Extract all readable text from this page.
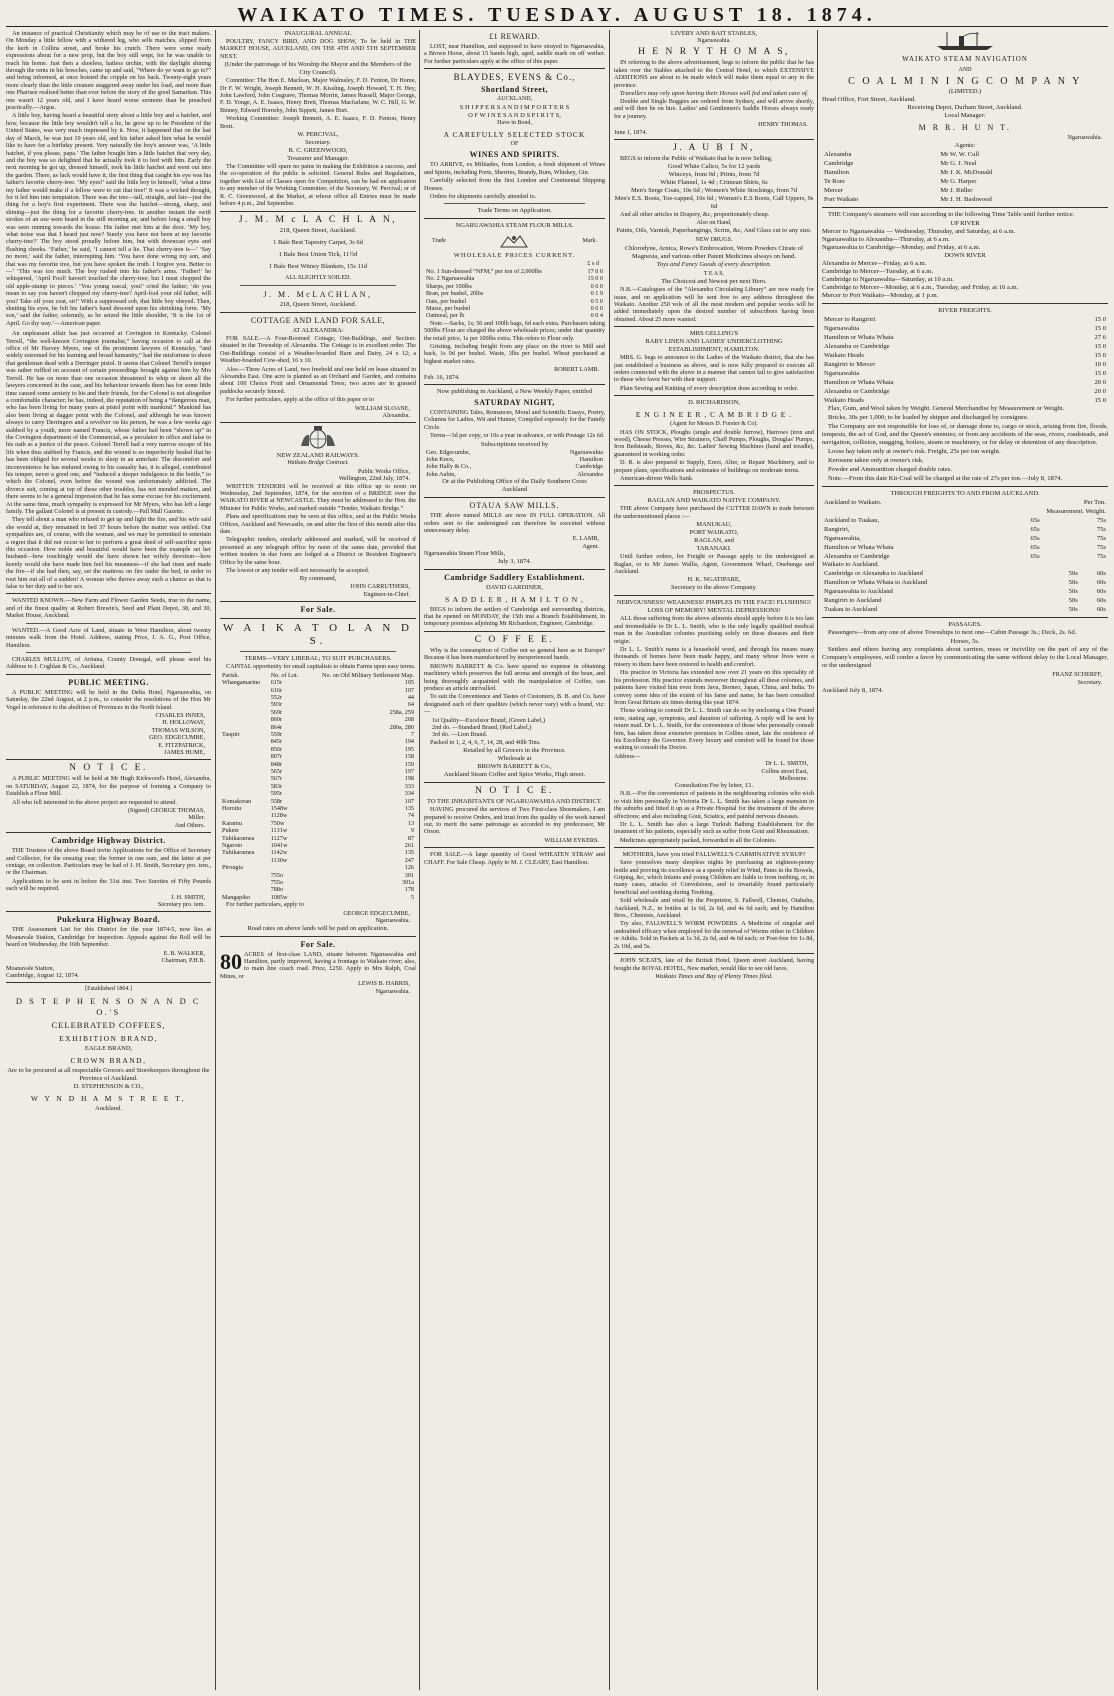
WAIKATO TIMES. TUESDAY. AUGUST 18. 1874.

An instance of practical Christianity which may be of use to the tract makers. On Monday a little fellow with a withered leg, who sells matches, slipped from the kerb in Collins street, and broke his crutch. There were some ready expressions about for a new prop, but the boy still wept, for he was unable to reach his home. Just then a shoeless, hatless urchin, with the daylight shining through the rents in his breeches, came up and said, “Where do ye want to go to?” and being informed, at once hoisted the cripple on his back. Twenty-eight years more clearly than the little creature staggered away under his load, and more than one Pharisee realised better than ever before the story of the good Samaritan. This one wasn't 12 years old, and I have heard worse sermons than he preached practically.—Argus.

A little boy, having heard a beautiful story about a little boy and a hatchet, and how, because the little boy wouldn't tell a lie, he grew up to be President of the United States, was very much impressed by it. Now, it happened that on the last day of March, he was just 10 years old, and his father asked him what he would like to have for a birthday present. Very naturally the boy's answer was, ‘A little hatchet, if you please, papa.’ The father bought him a little hatchet that very day, and the boy was so delighted that he actually took it to bed with him. Early the next morning he got up, dressed himself, took his little hatchet and went out into the garden. There, as luck would have it, the first thing that caught his eye was his father's favorite cherry-tree. ‘My eyes!’ said the little boy to himself, ‘what a time my father would make if a fellow were to cut that tree!’ It was a wicked thought, for it led him into temptation. There was the tree—tall, straight, and fair—just the thing for a boy's first experiment. There was the hatchet—strong, sharp, and shining—just the thing for a favorite cherry-tree. In another instant the swift strokes of an axe were heard in the still morning air, and before long a small boy was seen running towards the house. His father met him at the door. ‘My boy, what noise was that I heard just now? Surely you have not been at my favorite cherry-tree?’ The boy stood proudly before him, but with downcast eyes and flushing cheeks. ‘Father,’ he said, ‘I cannot tell a lie. That cherry-tree is—’ ‘Say no more,’ said the father, interrupting him. ‘You have done wrong my son, and that was my favorite tree, but you have spoken the truth. I forgive you. Better to—’ ‘This was too much. The boy rushed into his father's arms. ‘Father!’ he whispered, ‘April Fool! haven't touched the cherry-tree; but I must chopped the old apple-stump to pieces.’ ‘You young rascal, you!’ cried the father; ‘do you mean to say you haven't chopped my cherry-tree? April-fool your old father, will you? Take off your coat, sir!’ With a suppressed sob, that little boy obeyed. Then, shutting his eyes, he felt his father's hand descend upon his shrinking form. ‘My son,’ said the father, solemnly, as he seized the little shoulder, ‘It is the 1st of April. Go thy way.’—American paper.

An unpleasant affair has just occurred at Covington in Kentucky. Colonel Terrell, “the well-known Covington journalist,” having occasion to call at the office of Mr Harvey Myers, one of the prominent lawyers of Kentucky, “and widely esteemed for his learning and broad humanity,” had the misfortune to shoot that gentleman dead with a Derringer pistol. It seems that Colonel Terrell's temper was rather ruffled on account of certain proceedings brought against him by Mrs Terrell. He has on more than one occasion threatened to whip or shoot all the lawyers concerned in the case, and his behaviour towards them has for some little time caused some anxiety to his and their friends, for the Colonel is not altogether a comfortable character; he has, indeed, the reputation of being a “dangerous man, who has been living for many years at pistol point with mankind.” Mankind has also been living at dagger point with the Colonel, and although he was known always to carry Derringers and a revolver on his person, he was a few weeks ago stabbed by a youth, more named Francis, whose father had been “shown up” in the Covington department of the Commercial, as a peculator in office and false to his oath as a justice of the peace. Colonel Terrell had a very narrow escape of his life when thus stabbed by Francis, and the wound is so imperfectly healed that he has been obliged for several weeks to sleep in an armchair. The discomfort and inconvenience he has endured owing to his casualty has, it is alleged, contributed his temper, never a good one, and “induced a deeper indulgence in the bottle,” to which the Colonel, even before the wound was unfortunately addicted. The divorce suit, coming at top of these other troubles, has not mended matters, and there seems to be a general impression that he has some excuse for his excitement. At the same time, much sympathy is expressed for Mr Myers, who has left a large family. The gallant Colonel is at present in custody.—Pall Mall Gazette.

They tell about a man who refused to get up and light the fire, and his wife said she would at, they remained in bed 37 hours before the matter was settled. Our sympathies are, of course, with the woman, and we may be permitted to entertain a regret that it did not occur to her to perform a great deed of self-sacrifice upon this occasion. How noble and beautiful would have been the example set her husband—how touchingly would she have shown her wifely devotion—how keenly would she have made him feel his meanness—if she had risen and made the fire—if she had then, say, set the mattress on fire under the bed, in order to rout him out all of a sudden! A woman who throws away such a chance as that is false to her duty and to her sex.

WANTED KNOWN.—New Farm and Flower Garden Seeds, true to the name, and of the finest quality at Robert Brewin's, Seed and Plant Depot, 38, and 30, Market House, Auckland.

WANTED.—A Good Acre of Land, situate in West Hamilton, about twenty minutes walk from the Hotel. Address, stating Price, J. A. G., Post Office, Hamilton.

CHARLES MULLOY, of Aritana, County Donegal, will please send his Address to J. Coghlan & Co., Auckland.

PUBLIC MEETING.

A PUBLIC MEETING will be held in the Delta Hotel, Ngaruawahia, on Saturday, the 22nd August, at 2 p.m., to consider the resolutions of the Hon Mr Vogel in reference to the abolition of Provinces in the North Island.

CHARLES INNES,
H. HOLLOWAY,
THOMAS WILSON,
GEO. EDGECUMBE,
E. FITZPATRICK,
JAMES HUME,
N O T I C E.

A PUBLIC MEETING will be held at Mr Hugh Kirkwood's Hotel, Alexandra, on SATURDAY, August 22, 1874, for the purpose of forming a Company to Establish a Flour Mill.

All who fell interested in the above project are requested to attend.

(Signed) GEORGE THOMAS,
Miller.
And Others.
Cambridge Highway District.

THE Trustees of the above Board invite Applications for the Office of Secretary and Collector, for the ensuing year; the former in one sum, and the latter at per centage, on collection. Particulars may be had of J. H. Smith, Secretary pro. tem., or the Chairman.

Applications to be sent in before the 31st inst. Two Sureties of Fifty Pounds each will be required.

J. H. SMITH,
Secretary pro. tem.
Pukekura Highway Board.

THE Assessment List for this District for the year 1874-5, now lies at Moanavale Station, Cambridge for inspection. Appeals against the Roll will be heard on Wednesday, the 16th September.

E. B. WALKER,
Chairman, P.H.B.
Moanavale Station,
Cambridge, August 12, 1874.
[Established 1864.]
D S T E P H E N S O N A N D C O.'S
CELEBRATED COFFEES,
EXHIBITION BRAND,
EAGLE BRAND,
CROWN BRAND,
Are to be procured at all respectable Grocers and Storekeepers throughout the Province of Auckland.
D. STEPHENSON & CO.,
W Y N D H A M S T R E E T,
Auckland.
INAUGURAL ANNUAL

POULTRY, FANCY BIRD, AND DOG SHOW, To be held in THE MARKET HOUSE, AUCKLAND, ON THE 4TH AND 5TH SEPTEMBER NEXT.

(Under the patronage of his Worship the Mayor and the Members of the City Council).

Committee: The Hon E. Maclean, Major Walmsley, F. D. Fenton, Dr Home, Dr F. W. Wright, Joseph Bennett, W. H. Kissling, Joseph Howard, T. H. Hey, John Lawford, John Cosgrave, Thomas Morrin, James Russell, Major George, F. D. Yonge, A. E. Isaacs, Henry Brett, Thomas Macfarlane, W. C. Hill, G. W. Binney, Edward Hornsby, John Sippett, James Burt.

Working Committee: Joseph Bennett, A. E. Isaacs, F. D. Fenton, Henry Brett.

W. PERCIVAL,
Secretary.
R. C. GREENWOOD,
Treasurer and Manager.

The Committee will spare no pains in making the Exhibition a success, and the co-operation of the public is solicited. General Rules and Regulations, together with List of Classes open for Competition, can be had on application to any member of the Working Committee; of the Secretary, W. Percival; or of R. C. Greenwood, at the Market, at whose office all Entries must be made before 4 p.m., 2nd September.

J. M. M c L A C H L A N,
218, Queen Street, Auckland.
1 Bale Best Tapestry Carpet, 3s 6d
1 Bale Best Union Tick, 11½d
1 Bale Best Witney Blankets, 15s 11d
ALL SLIGHTLY SOILED.
J. M. McLACHLAN,
218, Queen Street, Auckland.
COTTAGE AND LAND FOR SALE,
AT ALEXANDRA:

FOR SALE.—A Four-Roomed Cottage, Out-Buildings, and Section: situated in the Township of Alexandra. The Cottage is in excellent order. The Out-Buildings consist of a Weather-boarded Barn and Dairy, 24 x 12; a Weather-boarded Cow-shed, 16 x 10.

Also.—Three Acres of Land, two freehold and one held on lease situated in Alexandra East. One acre is planted as an Orchard and Garden, and contains about 100 Choice Fruit and Ornamental Trees; two acres are in grassed paddocks securely fenced.

For further particulars, apply at the office of this paper or to

WILLIAM SLOANE,
Alexandra.
NEW ZEALAND RAILWAYS.
Waikato Bridge Contract.
Public Works Office,
Wellington, 22nd July, 1874.

WRITTEN TENDERS will be received at this office up to noon on Wednesday, 2nd September, 1874, for the erection of a BRIDGE over the WAIKATO RIVER at NEWCASTLE. They must be addressed to the Hon. the Minister for Public Works, and marked outside “Tender, Waikato Bridge.”

Plans and specifications may be seen at this office, and at the Public Works Offices, Auckland and Newcastle, on and after the first of this month after this date.

Telegraphic tenders, similarly addressed and marked, will be received if presented at any telegraph office by noon of the same date, provided that written tenders in due form are lodged at a District or Resident Engineer's Office by the same hour.

The lowest or any tender will not necessarily be accepted.

By command,
JOHN CARRUTHERS,
Engineer-in-Chief.
For Sale.
W A I K A T O L A N D S.
TERMS—VERY LIBERAL; TO SUIT PURCHASERS.

CAPITAL opportunity for small capitalists to obtain Farms upon easy terms.

Parish.	No. of Lot.	No. on Old Military Settlement Map.
Whangamarino	615r	105
	616r	107
	552r	44
	593r	64
	569r	258a, 259
	860r	268
	864r	280a, 280
Taupiri	559r	7
	845r	194
	856r	195
	807r	158
	848r	159
	565r	197
	567r	198
	583r	333
	595r	334
Komakorau	558r	107
Horotiu	1548w	135
	1128w	74
Karamu	750w	13
Pukete	1131w	9
Tuhikaramea	1127w	87
Ngaroto	1041w	261
Tuhikaramea	1142w	135
	1130w	247
Pirongia		126
	755o	301
	755o	301a
	788o	178
Mangapiko	1085w	5

For further particulars, apply to

GEORGE EDGECUMBE,
Ngaruawahia.
Road rates on above lands will be paid on application.
For Sale.
80 ACRES of first-class LAND, situate between Ngaruawahia and Hamilton, partly improved, having a frontage to Waikato river; also, to main line coach road. Price, £250. Apply to Mrs Ralph, Coal Mines, or
LEWIS B. HARRIS,
Ngaruawahia.
£1 REWARD.

LOST, near Hamilton, and supposed to have strayed to Ngaruawahia, a Brown Horse, about 15 hands high, aged, saddle mark on off wether. For further particulars apply at the office of this paper.

BLAYDES, EVENS & Co.,
Shortland Street,
AUCKLAND,
S H I P P E R S A N D I M P O R T E R S
O F W I N E S A N D S P I R I T S,
Have in Bond,
A CAREFULLY SELECTED STOCK
OF
WINES AND SPIRITS.

TO ARRIVE, ex Miltiades, from London, a fresh shipment of Wines and Spirits, including Ports, Sherries, Brandy, Rum, Whiskey, Gin.

Carefully selected from the first London and Continental Shipping Houses.

Orders for shipments carefully attended to.

Trade Terms on Application.
NGARUAWAHIA STEAM FLOUR MILLS.
Trade	Mark.
WHOLESALE PRICES CURRENT.
£ s d
No. 1 Sun-dressed “NFM,” per ton of 2,000lbs	17 0 0
No. 2 Ngaruawahia	15 0 0
Sharps, per 100lbs	0 6 0
Bran, per bushel, 20lbs	0 1 9
Oats, per bushel	0 5 0
Maize, per bushel	0 6 0
Oatmeal, per lb	0 0 4

Note.—Sacks, 1s; 50 and 100lb bags, 6d each extra. Purchasers taking 500lbs Flour are charged the above wholesale prices; under that quantity the retail price, 1s per 100lbs extra. This refers to Flour only.

Gristing, including freight from any place on the river to Mill and back, 1s 9d per bushel. Waste, 3lbs per bushel. Wheat purchased at highest market rates.

ROBERT LAMB.
Feb. 16, 1874.
Now publishing in Auckland, a New Weekly Paper, entitled
SATURDAY NIGHT,

CONTAINING Tales, Romances, Moral and Scientific Essays, Poetry, Columns for Ladies, Wit and Humor, Compiled expressly for the Family Circle.

Terms—3d per copy, or 10s a year in advance, or with Postage 12s 6d.

Subscriptions received by
Geo. Edgecumbe,	Ngaruawahia
John Knox,	Hamilton
John Hally & Co.,	Cambridge
John Aubin,	Alexandra
Or at the Publishing Office of the Daily Southern Cross
Auckland
OTAUA SAW MILLS.

THE above named MILLS are now IN FULL OPERATION. All orders sent to the undersigned can therefore be executed without unnecessary delay.

E. LAMB,
Agent.
Ngaruawahia Steam Flour Mills,
July 3, 1874.
Cambridge Saddlery Establishment.
DAVID GARDINER,
S A D D L E R , H A M I L T O N ,

BEGS to inform the settlers of Cambridge and surrounding districts, that he opened on MONDAY, the 15th inst a Branch Establishment, in temporary premises adjoining Mr Richardson, Engineer, Cambridge.

C O F F E E.

Why is the consumption of Coffee not so general here as in Europe? Because it has been manufactured by inexperienced hands.

BROWN BARRETT & Co. have spared no expense in obtaining machinery which preserves the full aroma and strength of the bean, and being thoroughly acquainted with the manipulation of Coffee, can produce an article unrivalled.

To suit the Convenience and Tastes of Customers, B. B. and Co. have designated each of their qualities (which never vary) with a brand, viz:—

1st Quality—Excelsior Brand, (Green Label,)
2nd do. —Standard Brand, (Red Label,)
3rd do. —Lion Brand.

Packed in 1, 2, 4, 6, 7, 14, 28, and 40lb Tins.

Retailed by all Grocers in the Province.
Wholesale at
BROWN BARRETT & Co.,
Auckland Steam Coffee and Spice Works, High street.
N O T I C E.
TO THE INHABITANTS OF NGARUAWAHIA AND DISTRICT.

HAVING procured the services of Two First-class Shoemakers, I am prepared to receive Orders, and trust from the quality of the work turned out, to merit the same patronage as accorded to my predecessor, Mr Orson.

WILLIAM EYKERS.

FOR SALE.—A large quantity of Good WHEATEN STRAW and CHAFF. For Sale Cheap. Apply to M. J. CLEARY, East Hamilton.

LIVERY AND BAIT STABLES,
Ngaruawahia.
H E N R Y T H O M A S,

IN referring to the above advertisement, begs to inform the public that he has taken over the Stables attached to the Central Hotel, to which EXTENSIVE ADDITIONS are about to be made which will make them equal to any in the province.

Travellers may rely upon having their Horses well fed and taken care of.

Double and Single Buggies are ordered from Sydney, and will arrive shortly, and will then be on hire. Ladies' and Gentlemen's Saddle Horses always ready for a journey.

HENRY THOMAS.
June 1, 1874.
J. A U B I N,

BEGS to inform the Public of Waikato that he is now Selling,

Good White Calico, 5s for 12 yards
Winceys, from 9d ; Prints, from 7d
White Flannel, 1s 4d ; Crimean Shirts, 6s
Men's Serge Coats, 10s 6d ; Women's White Stockings, from 7d
Men's E.S. Boots, Toe-capped, 10s 6d ; Women's E.S Boots, Calf Uppers, 9s 6d

And all other articles in Drapery, &c, proportionately cheap.

Also on Hand,
Paints, Oils, Varnish, Paperhangings, Scrim, &c, And Glass cut to any size.
NEW DRUGS.
Chlorodyne, Arnica, Rowe's Embrocation, Worm Powders Citrate of Magnesia, and various other Patent Medicines always on hand.
Toys and Fancy Goods of every description.
T E A S.
The Choicest and Newest per next Hero.

N.B.—Catalogues of the “Alexandra Circulating Library” are now ready for issue, and on application will be sent free to any address throughout the Waikato. Another 250 vols of all the most modern and popular works will be added immediately upon the desired number of subscribers having been obtained. About 25 more wanted.

MRS GELLING'S
BABY LINEN AND LADIES' UNDERCLOTHING
ESTABLISHMENT, HAMILTON.

MRS. G. begs to announce to the Ladies of the Waikato district, that she has just established a business as above, and is now fully prepared to execute all orders connected with the above in a manner that cannot fail to give satisfaction to those who favor her with their support.

Plain Sewing and Knitting of every description done according to order.

D. RICHARDSON,
E N G I N E E R , C A M B R I D G E .
(Agent for Messrs D. Forster & Co).

HAS ON STOCK, Ploughs (single and double furrow), Harrows (iron and wood), Cheese Presses, Wire Strainers, Chaff Pumps, Ploughs, Douglas' Pumps, Iron Bedsteads, Stoves, &c, &c. Ladies' Sewing Machines (hand and treadle), guaranteed in working order.

D. R. is also prepared to Supply, Erect, Alter, or Repair Machinery, and to prepare plans, specifications and estimates of buildings on moderate terms.

American-driven Wells Sunk.

PROSPECTUS.
RAGLAN AND WAIKATO NATIVE COMPANY.

THE above Company have purchased the CUTTER DAWN to trade between the undermentioned places :—

MANUKAU,
PORT WAIKATO,
RAGLAN, and
TARANAKI.

Until further orders, for Freight or Passage apply to the undersigned at Raglan, or to Mr James Wallis, Agent, Government Wharf, Onehunga and Auckland.

H. K. NGATIPARE,
Secretary to the above Company.
NERVOUSNESS! WEAKNESS! PIMPLES IN THE FACE! FLUSHING! LOSS OF MEMORY! MENTAL DEPRESSIONS!

ALL those suffering from the above ailments should apply before it is too late and irremediable to Dr L. L. Smith, who is the only legally qualified medical man in the Australian colonies practising solely on these diseases and their origin.

Dr L. L. Smith's name is a household word, and through his means many thousands of homes have been made happy, and many whose lives were a misery to them have been restored to health and comfort.

His practice in Victoria has extended now over 21 years on this speciality of his profession. His practice extends moreover throughout all these colonies, and patients have visited him even from Java, Borneo, Japan, China, and India. To convey some idea of the extent of his fame and name, he has been consulted from Great Britain six times during this year 1874.

Those wishing to consult Dr L. L. Smith can do so by enclosing a One Pound note, stating age, symptoms, and duration of suffering. A reply will be sent by return mail. Dr L. L. Smith, for the convenience of those who personally consult him, has taken those extensive premises in Collins street, late the residence of his Excellency the Governor. Every luxury and comfort will be found for those waiting to consult the Doctor.

Address—
Dr L. L. SMITH,
Collins street East,
Melbourne.
Consultation Fee by letter, £1.

N.B.—For the convenience of patients in the neighbouring colonies who wish to visit him personally in Victoria Dr L. L. Smith has taken a large mansion in the suburbs and fitted it up as a Private Hospital for the treatment of the above affections; and also including Gout, Sciatica, and painful nervous diseases.

Dr L. L. Smith has also a large Turkish Bathing Establishment for the treatment of his patients, especially such as suffer from Gout and Rheumatism.

Medicines appropriately packed, forwarded to all the Colonies.

MOTHERS, have you tried FALLWELL'S CARMINATIVE SYRUP?

Save yourselves many sleepless nights by purchasing an eighteen-penny bottle and proving its excellence as a speedy relief in Wind, Pains in the Bowels, Griping, &c, which Infants and young Children are liable to from teething, or, in many cases, attacks of Convulsions, and is invariably found particularly beneficial and soothing during Teething.

Sold wholesale and retail by the Proprietor, S. Fallwell, Chemist, Otahuhu, Auckland, N.Z., in bottles at 1s 6d, 2s 6d, and 4s 6d each; and by Hamilton Bros., Chemists, Auckland.

Try also, FALLWELL'S WORM POWDERS. A Medicine of singular and undoubted efficacy when employed for the removal of Worms either in Children or Adults. Sold in Packets at 1s 3d, 2s 6d, and 4s 6d each; or Post-free for 1s 8d, 2s 10d, and 5s.

JOHN SCEATS, late of the British Hotel, Queen street Auckland, having bought the ROYAL HOTEL, New market, would like to see old faces.

Waikato Times and Bay of Plenty Times filed.
WAIKATO STEAM NAVIGATION
AND
C O A L M I N I N G C O M P A N Y
(LIMITED.)
Head Office, Fort Street, Auckland.
Receiving Depot, Durham Street, Auckland.
Local Manager:
M R R. H U N T.
Ngaruawahia.
Agents:
Alexandra	Mr W. W. Cull
Cambridge	Mr G. J. Neal
Hamilton	Mr J. K. McDonald
Te Rore	Mr G. Harper
Mercer	Mr J. Ridler
Port Waikato	Mr J. H. Bashwood

THE Company's steamers will run according to the following Time Table until further notice.

UP RIVER
Mercer to Ngaruawahia — Wednesday, Thursday, and Saturday, at 6 a.m.
Ngaruawahia to Alexandra—Thursday, at 6 a.m.
Ngaruawahia to Cambridge—Monday, and Friday, at 6 a.m.
DOWN RIVER
Alexandra to Mercer—Friday, at 6 a.m.
Cambridge to Mercer—Tuesday, at 6 a.m.
Cambridge to Ngaruawahia—Saturday, at 10 a.m.
Cambridge to Mercer—Monday, at 6 a.m., Tuesday, and Friday, at 10 a.m.
Mercer to Port Waikato—Monday, at 1 p.m.
RIVER FREIGHTS.
Mercer to Rangiriri	15 0
Ngaruawahia	15 0
Hamilton or Whata Whata	27 6
Alexandra or Cambridge	15 0
Waikato Heads	15 0
Rangiriri to Mercer	10 0
Ngaruawahia	15 0
Hamilton or Whata Whata	20 0
Alexandra or Cambridge	20 0
Waikato Heads	15 0

Flax, Gum, and Wool taken by Weight. General Merchandise by Measurement or Weight.

Bricks, 30s per 1,000; to be loaded by shipper and discharged by consignee.

The Company are not responsible for loss of, or damage done to, cargo or stock, arising from fire, floods, tempests, the act of God, and the Queen's enemies; or from any accidents of the seas, rivers, roadsteads, and navigation, collision, snagging, boilers, steam or machinery, or for delay or detention of any description.

Loose hay taken only at owner's risk. Freight, 25s per ton weight.

Kerosene taken only at owner's risk.

Powder and Ammunition charged double rates.

Note.—From this date Kit-Coal will be charged at the rate of 27s per ton.—July 8, 1874.

THROUGH FREIGHTS TO AND FROM AUCKLAND.
Auckland to Waikato.	Per Ton.	
	Measurement. Weight.	
Auckland to Tuakau,	65s	75s
Rangiriri,	65s	75s
Ngaruawahia,	65s	75s
Hamilton or Whata Whata	65s	75s
Alexandra or Cambridge	65s	75s
Waikato to Auckland.
Cambridge or Alexandra to Auckland	50s	60s
Hamilton or Whata Whata to Auckland	50s	60s
Ngaruawahia to Auckland	50s	60s
Rangiriri to Auckland	50s	60s
Tuakau to Auckland	50s	60s
PASSAGES.

Passengers—from any one of above Townships to next one—Cabin Passage 3s.; Deck, 2s. 6d.

Horses, 5s.

Settlers and others having any complaints about carriers, mess or incivility on the part of any of the Company's employees, will confer a favor by communicating the same without delay to the Local Manager, or the undersigned

FRANZ SCHERFF,
Secretary.
Auckland July 8, 1874.
